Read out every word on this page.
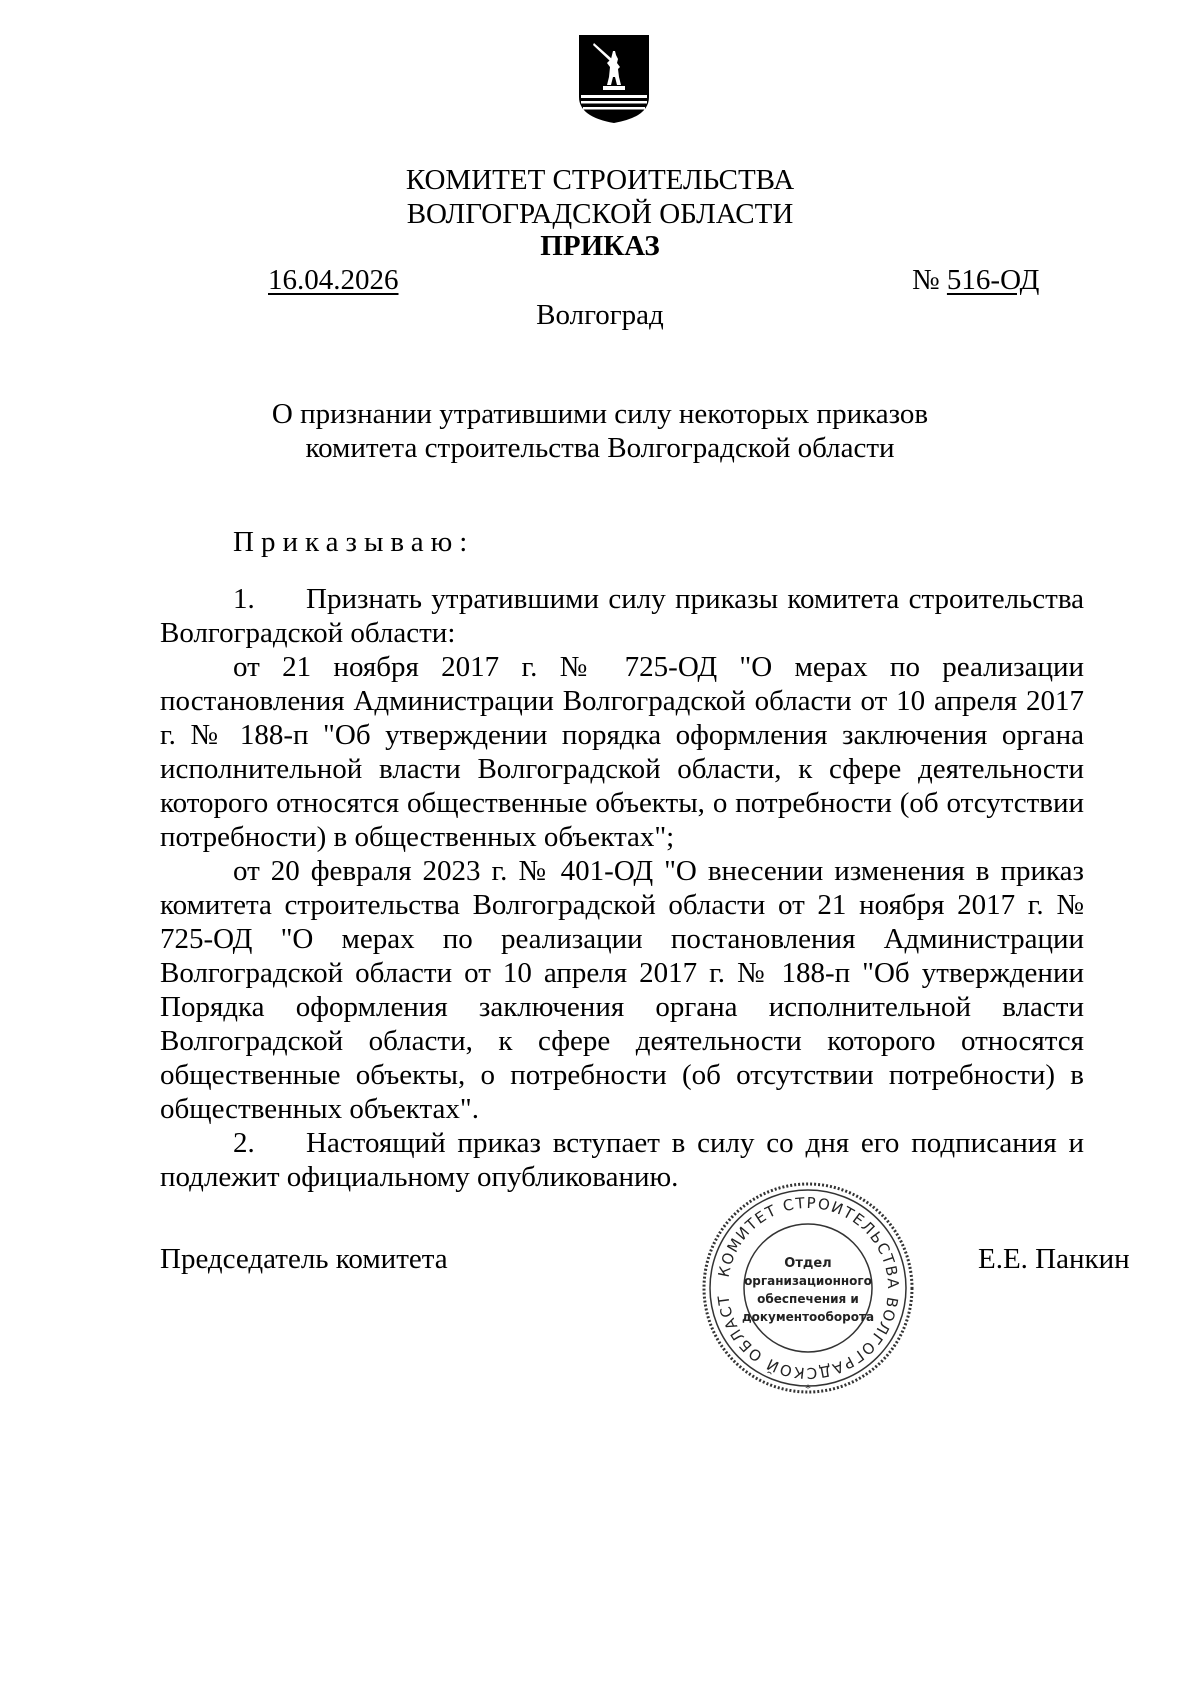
КОМИТЕТ СТРОИТЕЛЬСТВА
ВОЛГОГРАДСКОЙ ОБЛАСТИ
ПРИКАЗ
16.04.2026	№ 516-ОД
Волгоград
О признании утратившими силу некоторых приказов
комитета строительства Волгоградской области

Приказываю:

1. Признать утратившими силу приказы комитета строительства Волгоградской области:

от 21 ноября 2017 г. № 725-ОД "О мерах по реализации постановления Администрации Волгоградской области от 10 апреля 2017 г. № 188-п "Об утверждении порядка оформления заключения органа исполнительной власти Волгоградской области, к сфере деятельности которого относятся общественные объекты, о потребности (об отсутствии потребности) в общественных объектах";

от 20 февраля 2023 г. № 401-ОД "О внесении изменения в приказ комитета строительства Волгоградской области от 21 ноября 2017 г. № 725-ОД "О мерах по реализации постановления Администрации Волгоградской области от 10 апреля 2017 г. № 188-п "Об утверждении Порядка оформления заключения органа исполнительной власти Волгоградской области, к сфере деятельности которого относятся общественные объекты, о потребности (об отсутствии потребности) в общественных объектах".

2. Настоящий приказ вступает в силу со дня его подписания и подлежит официальному опубликованию.

Председатель комитета	Е.Е. Панкин
КОМИТЕТ СТРОИТЕЛЬСТВА ВОЛГОГРАДСКОЙ ОБЛАСТ
*
Отдел
организационного
обеспечения и
документооборота
